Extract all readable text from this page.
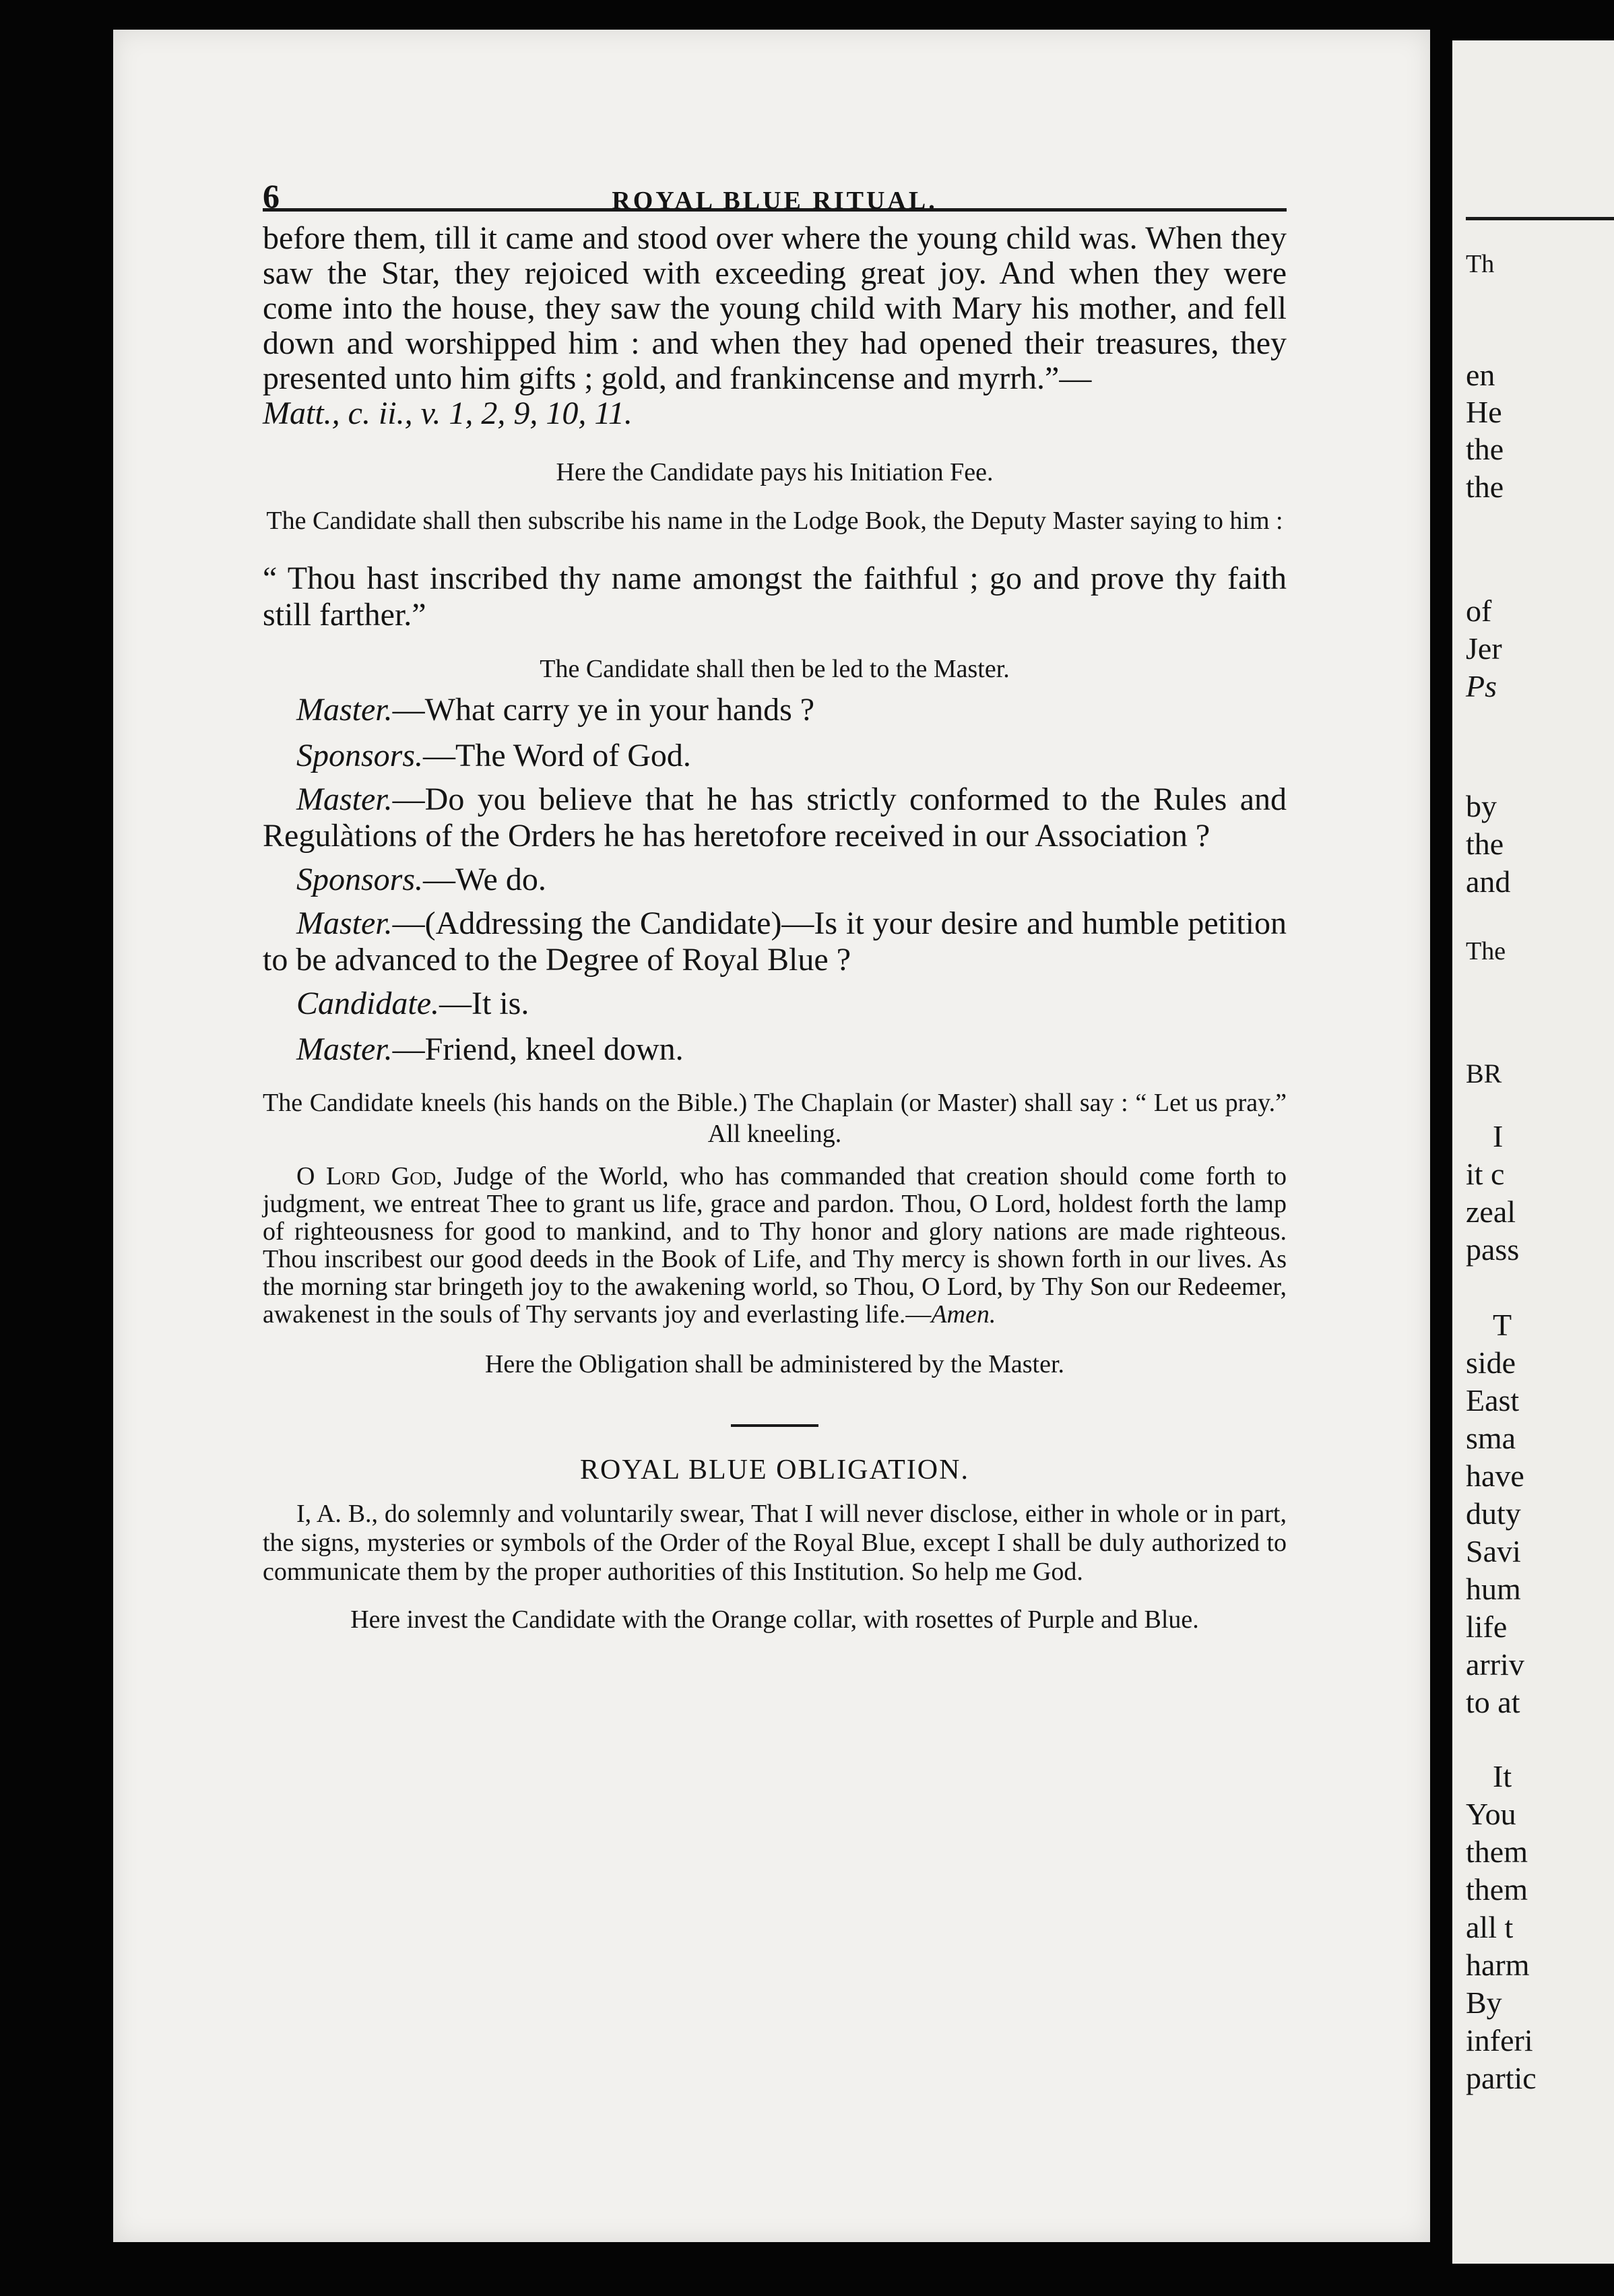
6	ROYAL BLUE RITUAL.

before them, till it came and stood over where the young child was. When they saw the Star, they rejoiced with exceeding great joy. And when they were come into the house, they saw the young child with Mary his mother, and fell down and worshipped him : and when they had opened their treasures, they presented unto him gifts ; gold, and frankincense and myrrh.”—
Matt., c. ii., v. 1, 2, 9, 10, 11.

Here the Candidate pays his Initiation Fee.

The Candidate shall then subscribe his name in the Lodge Book, the Deputy Master saying to him :

“ Thou hast inscribed thy name amongst the faithful ; go and prove thy faith still farther.”

The Candidate shall then be led to the Master.

Master.—What carry ye in your hands ?

Sponsors.—The Word of God.

Master.—Do you believe that he has strictly conformed to the Rules and Regulàtions of the Orders he has heretofore received in our Association ?

Sponsors.—We do.

Master.—(Addressing the Candidate)—Is it your desire and humble petition to be advanced to the Degree of Royal Blue ?

Candidate.—It is.

Master.—Friend, kneel down.

The Candidate kneels (his hands on the Bible.) The Chaplain (or Master) shall say : “ Let us pray.” All kneeling.

O Lord God, Judge of the World, who has commanded that creation should come forth to judgment, we entreat Thee to grant us life, grace and pardon. Thou, O Lord, holdest forth the lamp of righteousness for good to mankind, and to Thy honor and glory nations are made righteous. Thou inscribest our good deeds in the Book of Life, and Thy mercy is shown forth in our lives. As the morning star bringeth joy to the awakening world, so Thou, O Lord, by Thy Son our Redeemer, awakenest in the souls of Thy servants joy and everlasting life.—Amen.

Here the Obligation shall be administered by the Master.

ROYAL BLUE OBLIGATION.

I, A. B., do solemnly and voluntarily swear, That I will never disclose, either in whole or in part, the signs, mysteries or symbols of the Order of the Royal Blue, except I shall be duly authorized to communicate them by the proper authorities of this Institution. So help me God.

Here invest the Candidate with the Orange collar, with rosettes of Purple and Blue.

Th
en
He
the
the
of
Jer
Ps
by
the
and
The
BR
I
it c
zeal
pass
T
side
East
sma
have
duty
Savi
hum
life
arriv
to at
It
You
them
them
all t
harm
By
inferi
partic
